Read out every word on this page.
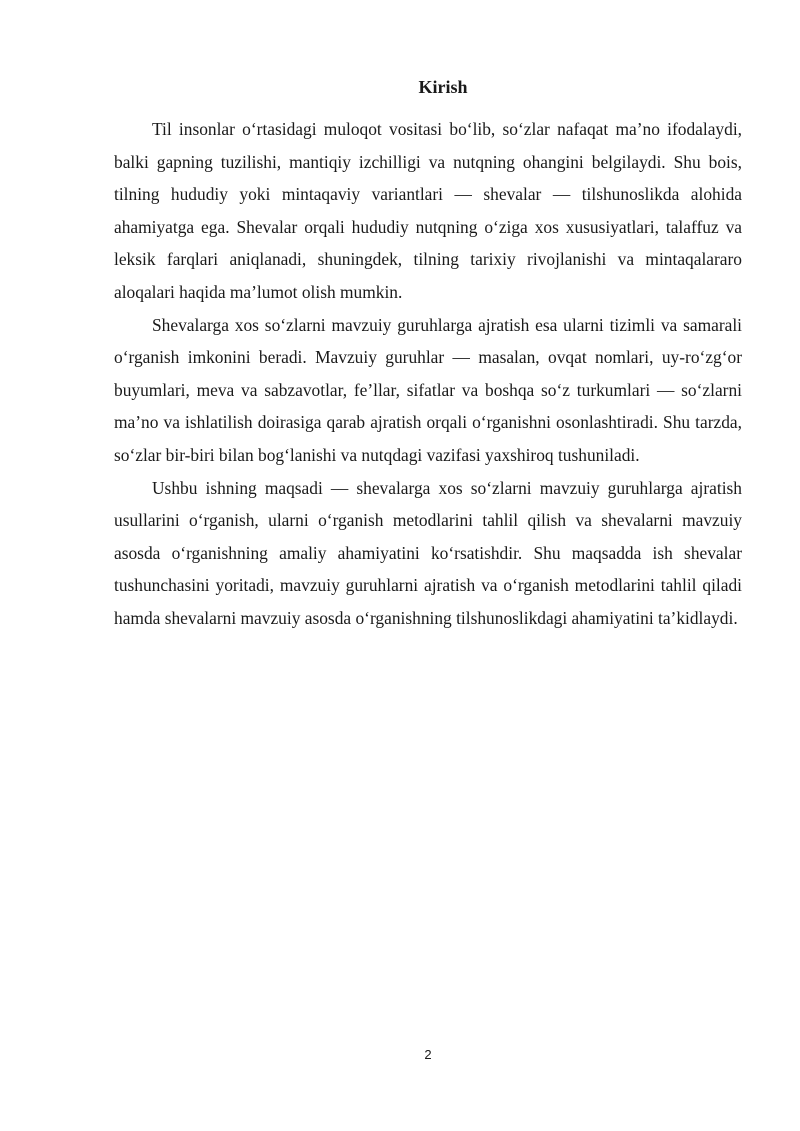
Kirish

Til insonlar o‘rtasidagi muloqot vositasi bo‘lib, so‘zlar nafaqat ma’no ifodalaydi, balki gapning tuzilishi, mantiqiy izchilligi va nutqning ohangini belgilaydi. Shu bois, tilning hududiy yoki mintaqaviy variantlari — shevalar — tilshunoslikda alohida ahamiyatga ega. Shevalar orqali hududiy nutqning o‘ziga xos xususiyatlari, talaffuz va leksik farqlari aniqlanadi, shuningdek, tilning tarixiy rivojlanishi va mintaqalararo aloqalari haqida ma’lumot olish mumkin.

Shevalarga xos so‘zlarni mavzuiy guruhlarga ajratish esa ularni tizimli va samarali o‘rganish imkonini beradi. Mavzuiy guruhlar — masalan, ovqat nomlari, uy-ro‘zg‘or buyumlari, meva va sabzavotlar, fe’llar, sifatlar va boshqa so‘z turkumlari — so‘zlarni ma’no va ishlatilish doirasiga qarab ajratish orqali o‘rganishni osonlashtiradi. Shu tarzda, so‘zlar bir-biri bilan bog‘lanishi va nutqdagi vazifasi yaxshiroq tushuniladi.

Ushbu ishning maqsadi — shevalarga xos so‘zlarni mavzuiy guruhlarga ajratish usullarini o‘rganish, ularni o‘rganish metodlarini tahlil qilish va shevalarni mavzuiy asosda o‘rganishning amaliy ahamiyatini ko‘rsatishdir. Shu maqsadda ish shevalar tushunchasini yoritadi, mavzuiy guruhlarni ajratish va o‘rganish metodlarini tahlil qiladi hamda shevalarni mavzuiy asosda o‘rganishning tilshunoslikdagi ahamiyatini ta’kidlaydi.

2
